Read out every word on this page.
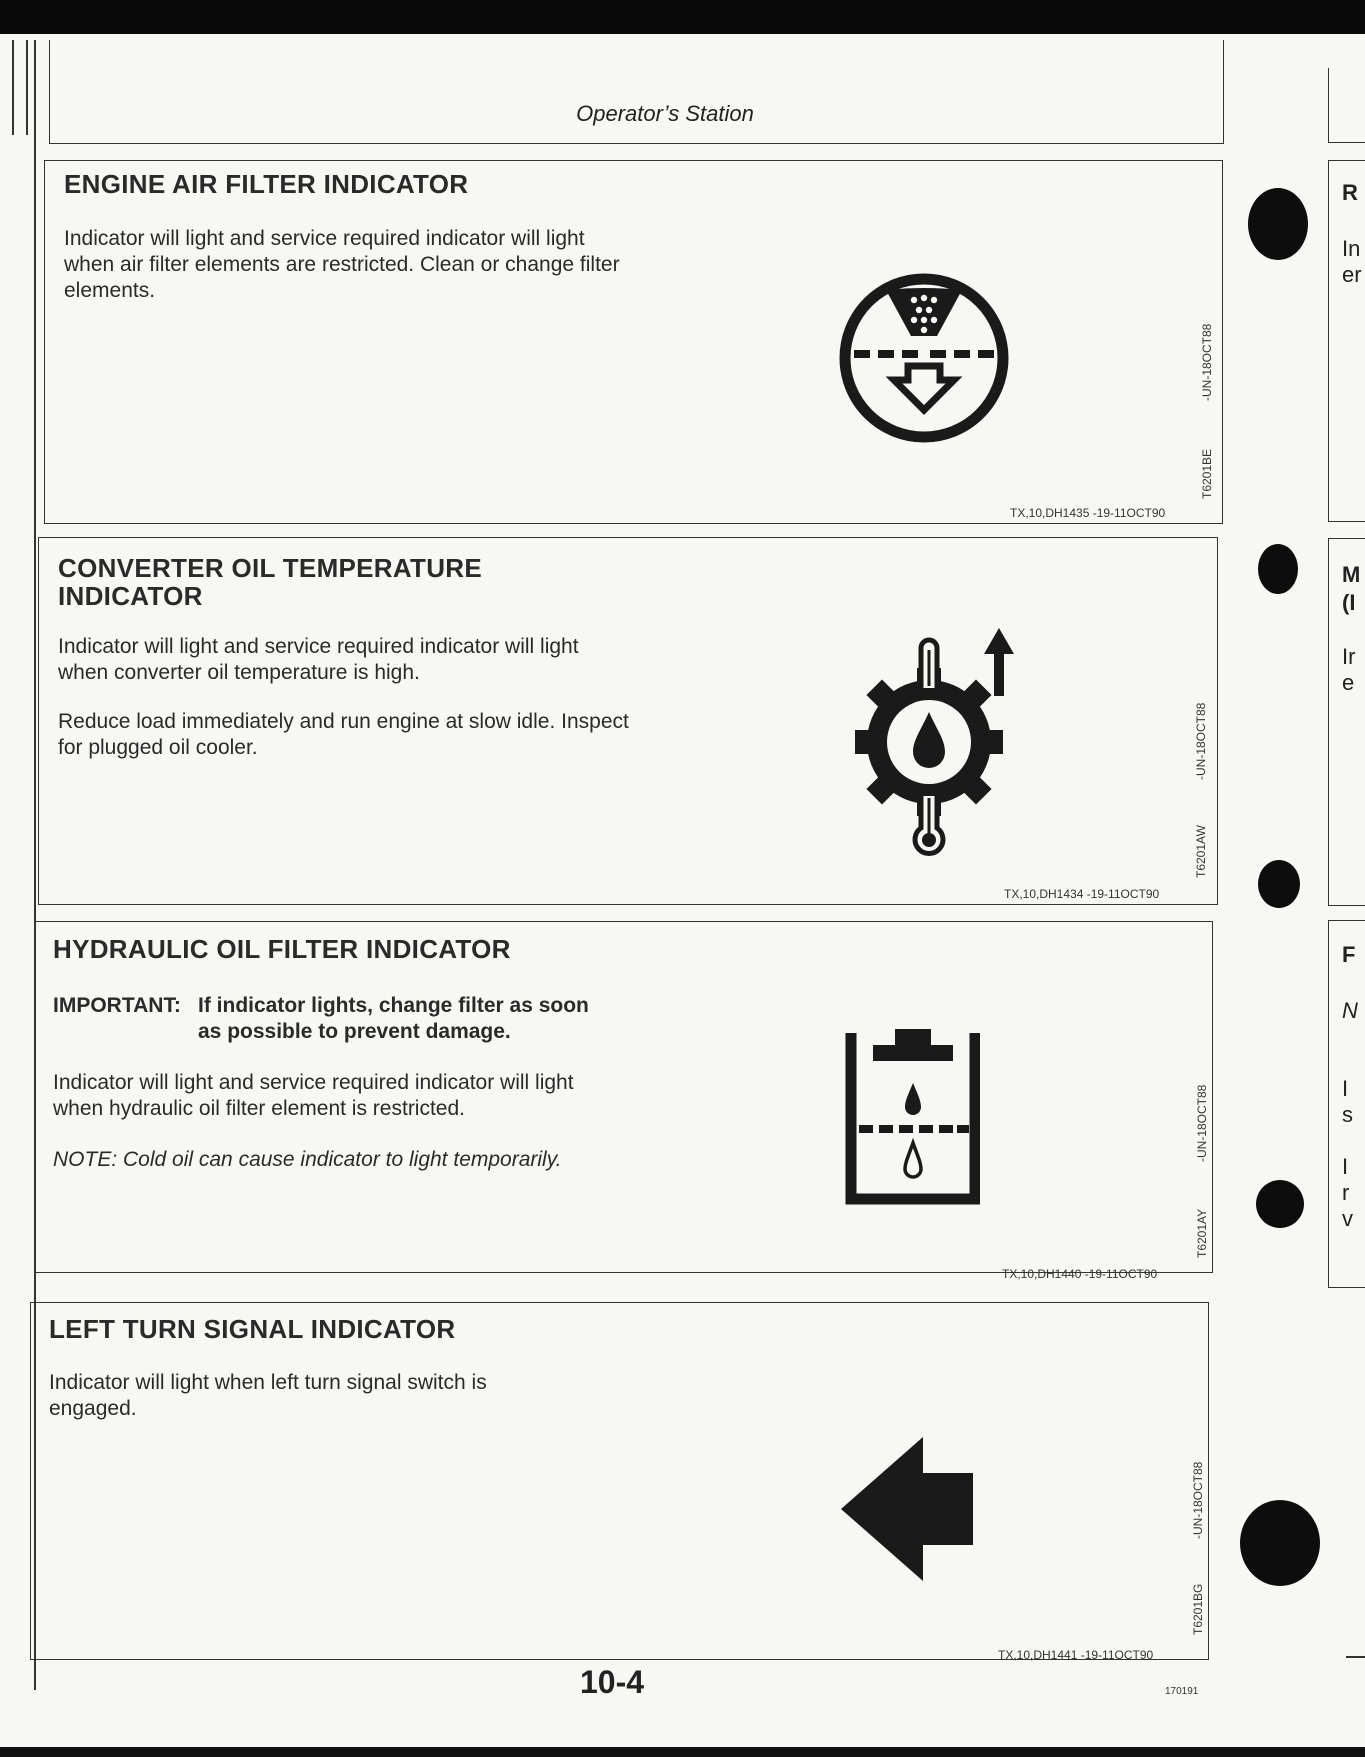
Operator’s Station
ENGINE AIR FILTER INDICATOR
Indicator will light and service required indicator will light when air filter elements are restricted. Clean or change filter elements.
T6201BE
-UN-18OCT88
TX,10,DH1435 -19-11OCT90
CONVERTER OIL TEMPERATURE
INDICATOR
Indicator will light and service required indicator will light when converter oil temperature is high.
Reduce load immediately and run engine at slow idle. Inspect for plugged oil cooler.
T6201AW
-UN-18OCT88
TX,10,DH1434 -19-11OCT90
HYDRAULIC OIL FILTER INDICATOR
IMPORTANT: If indicator lights, change filter as soon
as possible to prevent damage.
Indicator will light and service required indicator will light when hydraulic oil filter element is restricted.
NOTE: Cold oil can cause indicator to light temporarily.
T6201AY
-UN-18OCT88
TX,10,DH1440 -19-11OCT90
LEFT TURN SIGNAL INDICATOR
Indicator will light when left turn signal switch is engaged.
T6201BG
-UN-18OCT88
TX,10,DH1441 -19-11OCT90
10-4	170191
R
In
er
M
(I
Ir
e
F
N
I
s
I
r
v
